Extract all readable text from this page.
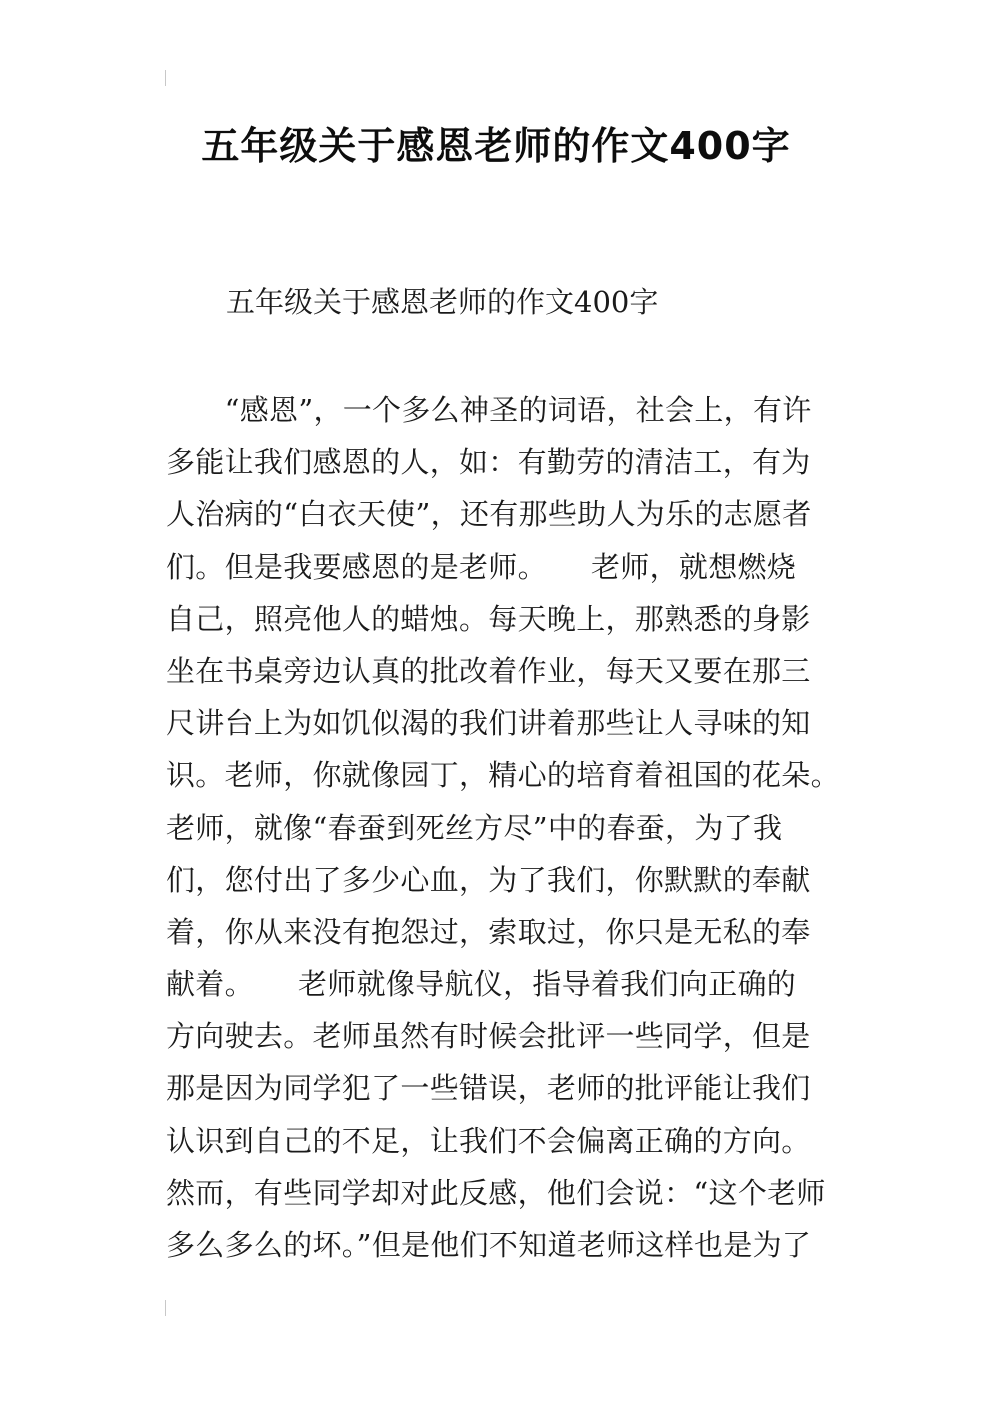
五年级关于感恩老师的作文400字

五年级关于感恩老师的作文400字

　　“感恩”，一个多么神圣的词语，社会上，有许
多能让我们感恩的人，如：有勤劳的清洁工，有为
人治病的“白衣天使”，还有那些助人为乐的志愿者
们。但是我要感恩的是老师。　　老师，就想燃烧
自己，照亮他人的蜡烛。每天晚上，那熟悉的身影
坐在书桌旁边认真的批改着作业，每天又要在那三
尺讲台上为如饥似渴的我们讲着那些让人寻味的知
识。老师，你就像园丁，精心的培育着祖国的花朵。
老师，就像“春蚕到死丝方尽”中的春蚕，为了我
们，您付出了多少心血，为了我们，你默默的奉献
着，你从来没有抱怨过，索取过，你只是无私的奉
献着。　　老师就像导航仪，指导着我们向正确的
方向驶去。老师虽然有时候会批评一些同学，但是
那是因为同学犯了一些错误，老师的批评能让我们
认识到自己的不足，让我们不会偏离正确的方向。
然而，有些同学却对此反感，他们会说：“这个老师
多么多么的坏。”但是他们不知道老师这样也是为了
